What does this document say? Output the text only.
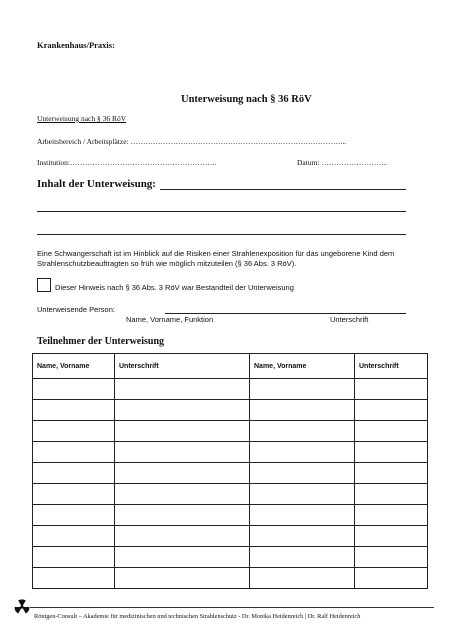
Krankenhaus/Praxis:
Unterweisung nach § 36 RöV
Unterweisung nach § 36 RöV
Arbeitsbereich / Arbeitsplätze: …………………………………………………………………………...
Institution:…………………………………………………..	Datum: ……………………...
Inhalt der Unterweisung:
Eine Schwangerschaft ist im Hinblick auf die Risiken einer Strahlenexposition für das ungeborene Kind dem Strahlenschutzbeauftragten so früh wie möglich mitzuteilen (§ 36 Abs. 3 RöV).
Dieser Hinweis nach § 36 Abs. 3 RöV war Bestandteil der Unterweisung
Unterweisende Person:
Name, Vorname, Funktion	Unterschrift
Teilnehmer der Unterweisung
Name, Vorname	Unterschrift	Name, Vorname	Unterschrift

Röntgen-Consult – Akademie für medizinischen und technischen Strahlenschutz - Dr. Monika Heidenreich | Dr. Ralf Heidenreich
